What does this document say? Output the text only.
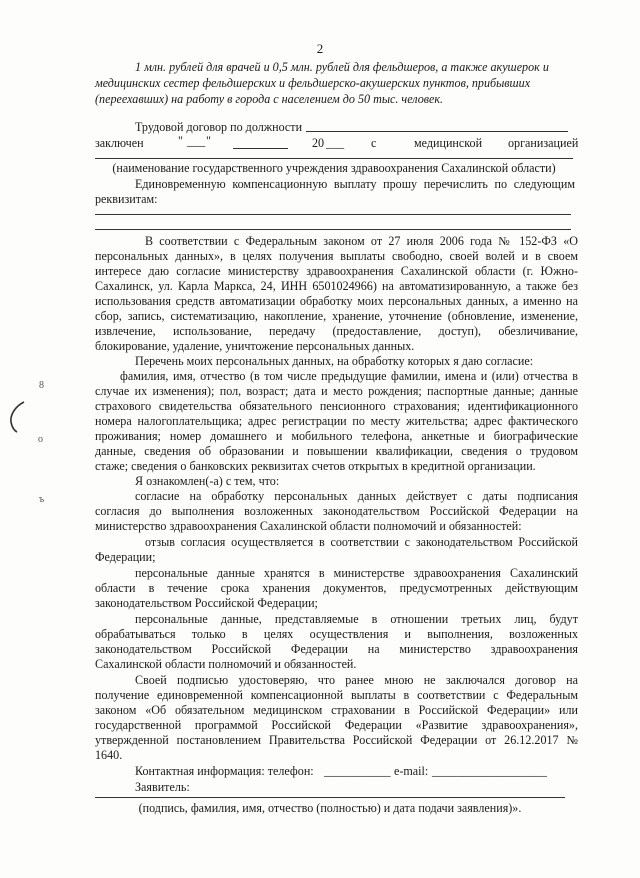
2
1 млн. рублей для врачей и 0,5 млн. рублей для фельдшеров, а также акушерок и
медицинских сестер фельдшерских и фельдшерско-акушерских пунктов, прибывших
(переехавших) на работу в города с населением до 50 тыс. человек.
Трудовой договор по должности
заключен	" ___ "	20 ___ с	медицинской организацией
(наименование государственного учреждения здравоохранения Сахалинской области)
Единовременную компенсационную выплату прошу перечислить по следующим
реквизитам:
В соответствии с Федеральным законом от 27 июля 2006 года № 152-ФЗ «О
персональных данных», в целях получения выплаты свободно, своей волей и в своем
интересе даю согласие министерству здравоохранения Сахалинской области (г. Южно-
Сахалинск, ул. Карла Маркса, 24, ИНН 6501024966) на автоматизированную, а также без
использования средств автоматизации обработку моих персональных данных, а именно на
сбор, запись, систематизацию, накопление, хранение, уточнение (обновление, изменение,
извлечение, использование, передачу (предоставление, доступ), обезличивание,
блокирование, удаление, уничтожение персональных данных.
Перечень моих персональных данных, на обработку которых я даю согласие:
фамилия, имя, отчество (в том числе предыдущие фамилии, имена и (или) отчества в
случае их изменения); пол, возраст; дата и место рождения; паспортные данные; данные
страхового свидетельства обязательного пенсионного страхования; идентификационного
номера налогоплательщика; адрес регистрации по месту жительства; адрес фактического
проживания; номер домашнего и мобильного телефона, анкетные и биографические
данные, сведения об образовании и повышении квалификации, сведения о трудовом
стаже; сведения о банковских реквизитах счетов открытых в кредитной организации.
Я ознакомлен(-а) с тем, что:
согласие на обработку персональных данных действует с даты подписания
согласия до выполнения возложенных законодательством Российской Федерации на
министерство здравоохранения Сахалинской области полномочий и обязанностей:
отзыв согласия осуществляется в соответствии с законодательством Российской
Федерации;
персональные данные хранятся в министерстве здравоохранения Сахалинский
области в течение срока хранения документов, предусмотренных действующим
законодательством Российской Федерации;
персональные данные, представляемые в отношении третьих лиц, будут
обрабатываться только в целях осуществления и выполнения, возложенных
законодательством Российской Федерации на министерство здравоохранения
Сахалинской области полномочий и обязанностей.
Своей подписью удостоверяю, что ранее мною не заключался договор на
получение единовременной компенсационной выплаты в соответствии с Федеральным
законом «Об обязательном медицинском страховании в Российской Федерации» или
государственной программой Российской Федерации «Развитие здравоохранения»,
утвержденной постановлением Правительства Российской Федерации от 26.12.2017 №
1640.
Контактная информация: телефон: ___________ e-mail: ___________________
Заявитель:
(подпись, фамилия, имя, отчество (полностью) и дата подачи заявления)».
8
о
ъ
